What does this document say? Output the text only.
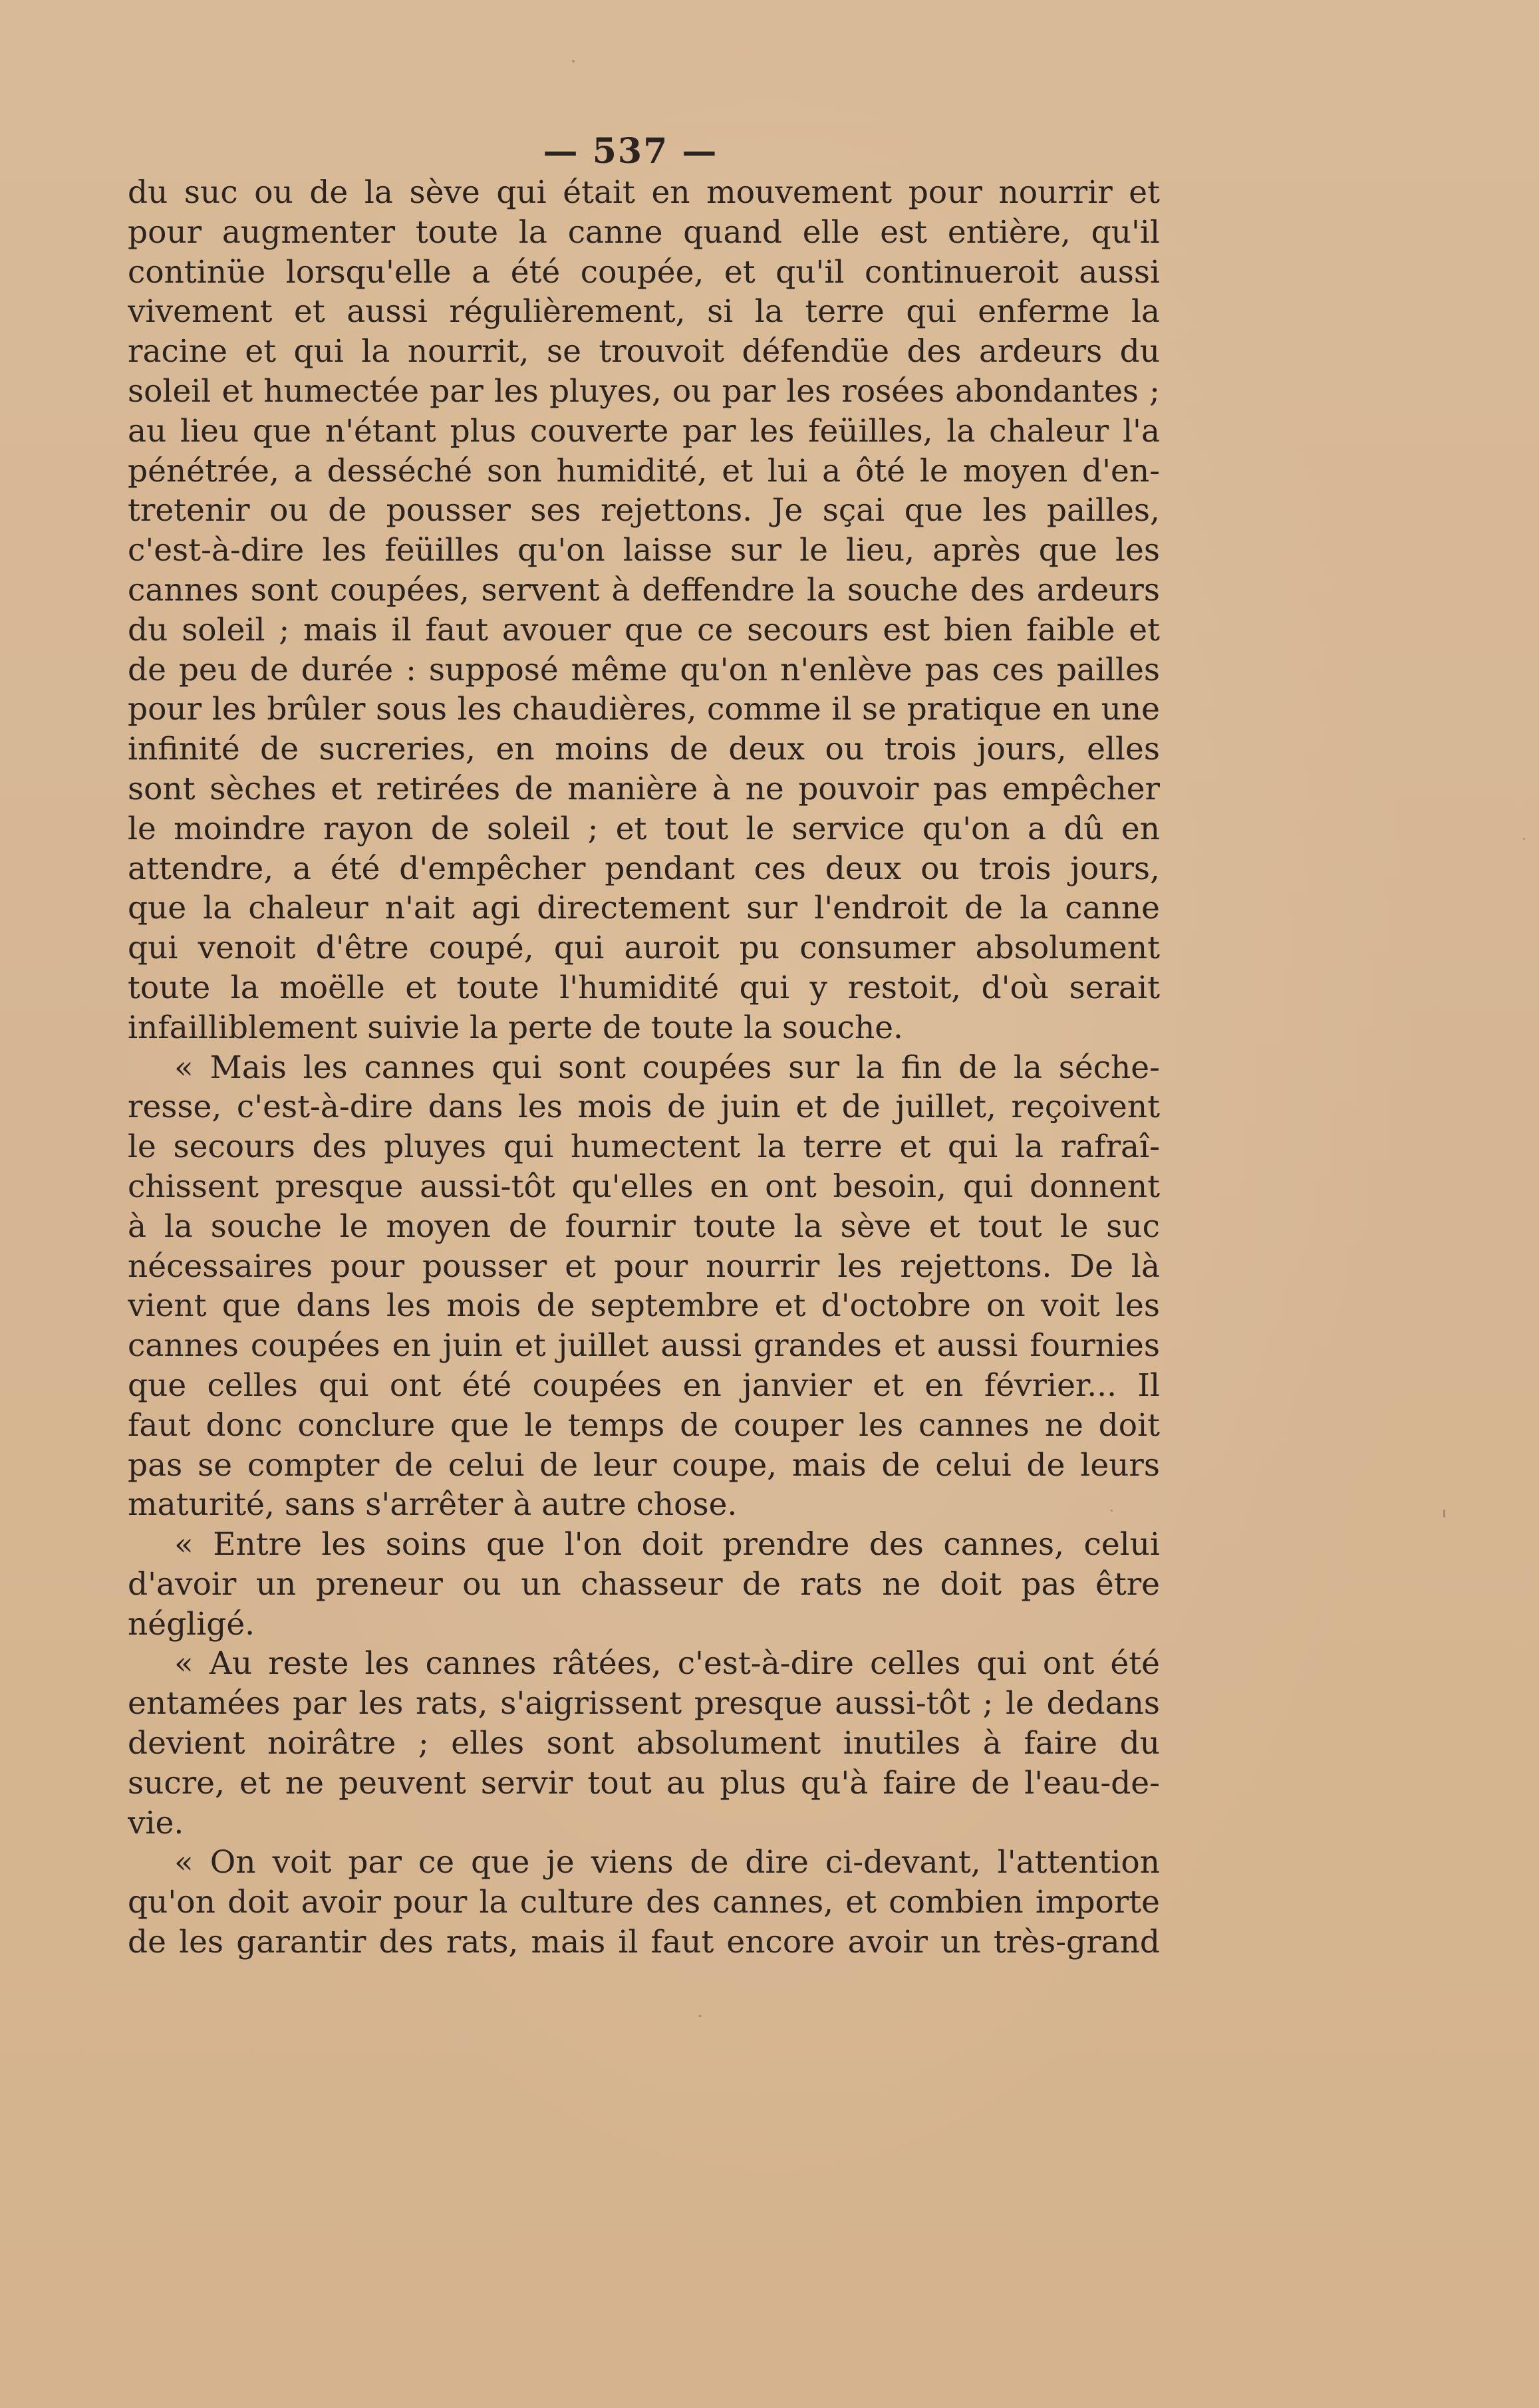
— 537 —
du suc ou de la sève qui était en mouvement pour nourrir et
pour augmenter toute la canne quand elle est entière, qu'il
continüe lorsqu'elle a été coupée, et qu'il continueroit aussi
vivement et aussi régulièrement, si la terre qui enferme la
racine et qui la nourrit, se trouvoit défendüe des ardeurs du
soleil et humectée par les pluyes, ou par les rosées abondantes ;
au lieu que n'étant plus couverte par les feüilles, la chaleur l'a
pénétrée, a desséché son humidité, et lui a ôté le moyen d'en-
tretenir ou de pousser ses rejettons. Je sçai que les pailles,
c'est-à-dire les feüilles qu'on laisse sur le lieu, après que les
cannes sont coupées, servent à deffendre la souche des ardeurs
du soleil ; mais il faut avouer que ce secours est bien faible et
de peu de durée : supposé même qu'on n'enlève pas ces pailles
pour les brûler sous les chaudières, comme il se pratique en une
infinité de sucreries, en moins de deux ou trois jours, elles
sont sèches et retirées de manière à ne pouvoir pas empêcher
le moindre rayon de soleil ; et tout le service qu'on a dû en
attendre, a été d'empêcher pendant ces deux ou trois jours,
que la chaleur n'ait agi directement sur l'endroit de la canne
qui venoit d'être coupé, qui auroit pu consumer absolument
toute la moëlle et toute l'humidité qui y restoit, d'où serait
infailliblement suivie la perte de toute la souche.
« Mais les cannes qui sont coupées sur la fin de la séche-
resse, c'est-à-dire dans les mois de juin et de juillet, reçoivent
le secours des pluyes qui humectent la terre et qui la rafraî-
chissent presque aussi-tôt qu'elles en ont besoin, qui donnent
à la souche le moyen de fournir toute la sève et tout le suc
nécessaires pour pousser et pour nourrir les rejettons. De là
vient que dans les mois de septembre et d'octobre on voit les
cannes coupées en juin et juillet aussi grandes et aussi fournies
que celles qui ont été coupées en janvier et en février... Il
faut donc conclure que le temps de couper les cannes ne doit
pas se compter de celui de leur coupe, mais de celui de leurs
maturité, sans s'arrêter à autre chose.
« Entre les soins que l'on doit prendre des cannes, celui
d'avoir un preneur ou un chasseur de rats ne doit pas être
négligé.
« Au reste les cannes râtées, c'est-à-dire celles qui ont été
entamées par les rats, s'aigrissent presque aussi-tôt ; le dedans
devient noirâtre ; elles sont absolument inutiles à faire du
sucre, et ne peuvent servir tout au plus qu'à faire de l'eau-de-
vie.
« On voit par ce que je viens de dire ci-devant, l'attention
qu'on doit avoir pour la culture des cannes, et combien importe
de les garantir des rats, mais il faut encore avoir un très-grand
